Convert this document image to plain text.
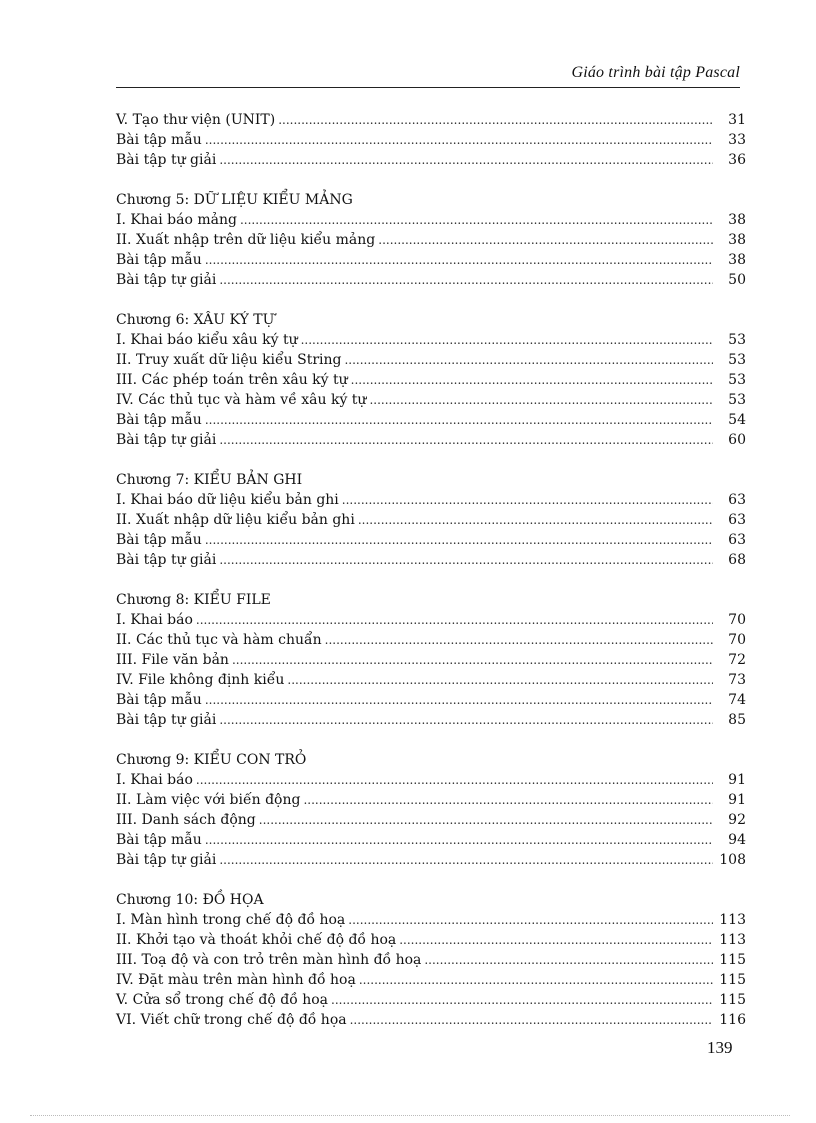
Giáo trình bài tập Pascal
V. Tạo thư viện (UNIT) .....	31
Bài tập mẫu .....	33
Bài tập tự giải .....	36
Chương 5: DỮ LIỆU KIỂU MẢNG
I. Khai báo mảng .....	38
II. Xuất nhập trên dữ liệu kiểu mảng .....	38
Bài tập mẫu .....	38
Bài tập tự giải .....	50
Chương 6: XÂU KÝ TỰ
I. Khai báo kiểu xâu ký tự .....	53
II. Truy xuất dữ liệu kiểu String .....	53
III. Các phép toán trên xâu ký tự .....	53
IV. Các thủ tục và hàm về xâu ký tự .....	53
Bài tập mẫu .....	54
Bài tập tự giải .....	60
Chương 7: KIỂU BẢN GHI
I. Khai báo dữ liệu kiểu bản ghi .....	63
II. Xuất nhập dữ liệu kiểu bản ghi .....	63
Bài tập mẫu .....	63
Bài tập tự giải .....	68
Chương 8: KIỂU FILE
I. Khai báo .....	70
II. Các thủ tục và hàm chuẩn .....	70
III. File văn bản .....	72
IV. File không định kiểu .....	73
Bài tập mẫu .....	74
Bài tập tự giải .....	85
Chương 9: KIỂU CON TRỎ
I. Khai báo .....	91
II. Làm việc với biến động .....	91
III. Danh sách động .....	92
Bài tập mẫu .....	94
Bài tập tự giải .....	108
Chương 10: ĐỒ HỌA
I. Màn hình trong chế độ đồ hoạ .....	113
II. Khởi tạo và thoát khỏi chế độ đồ hoạ .....	113
III. Toạ độ và con trỏ trên màn hình đồ hoạ .....	115
IV. Đặt màu trên màn hình đồ hoạ .....	115
V. Cửa sổ trong chế độ đồ hoạ .....	115
VI. Viết chữ trong chế độ đồ họa .....	116
139
